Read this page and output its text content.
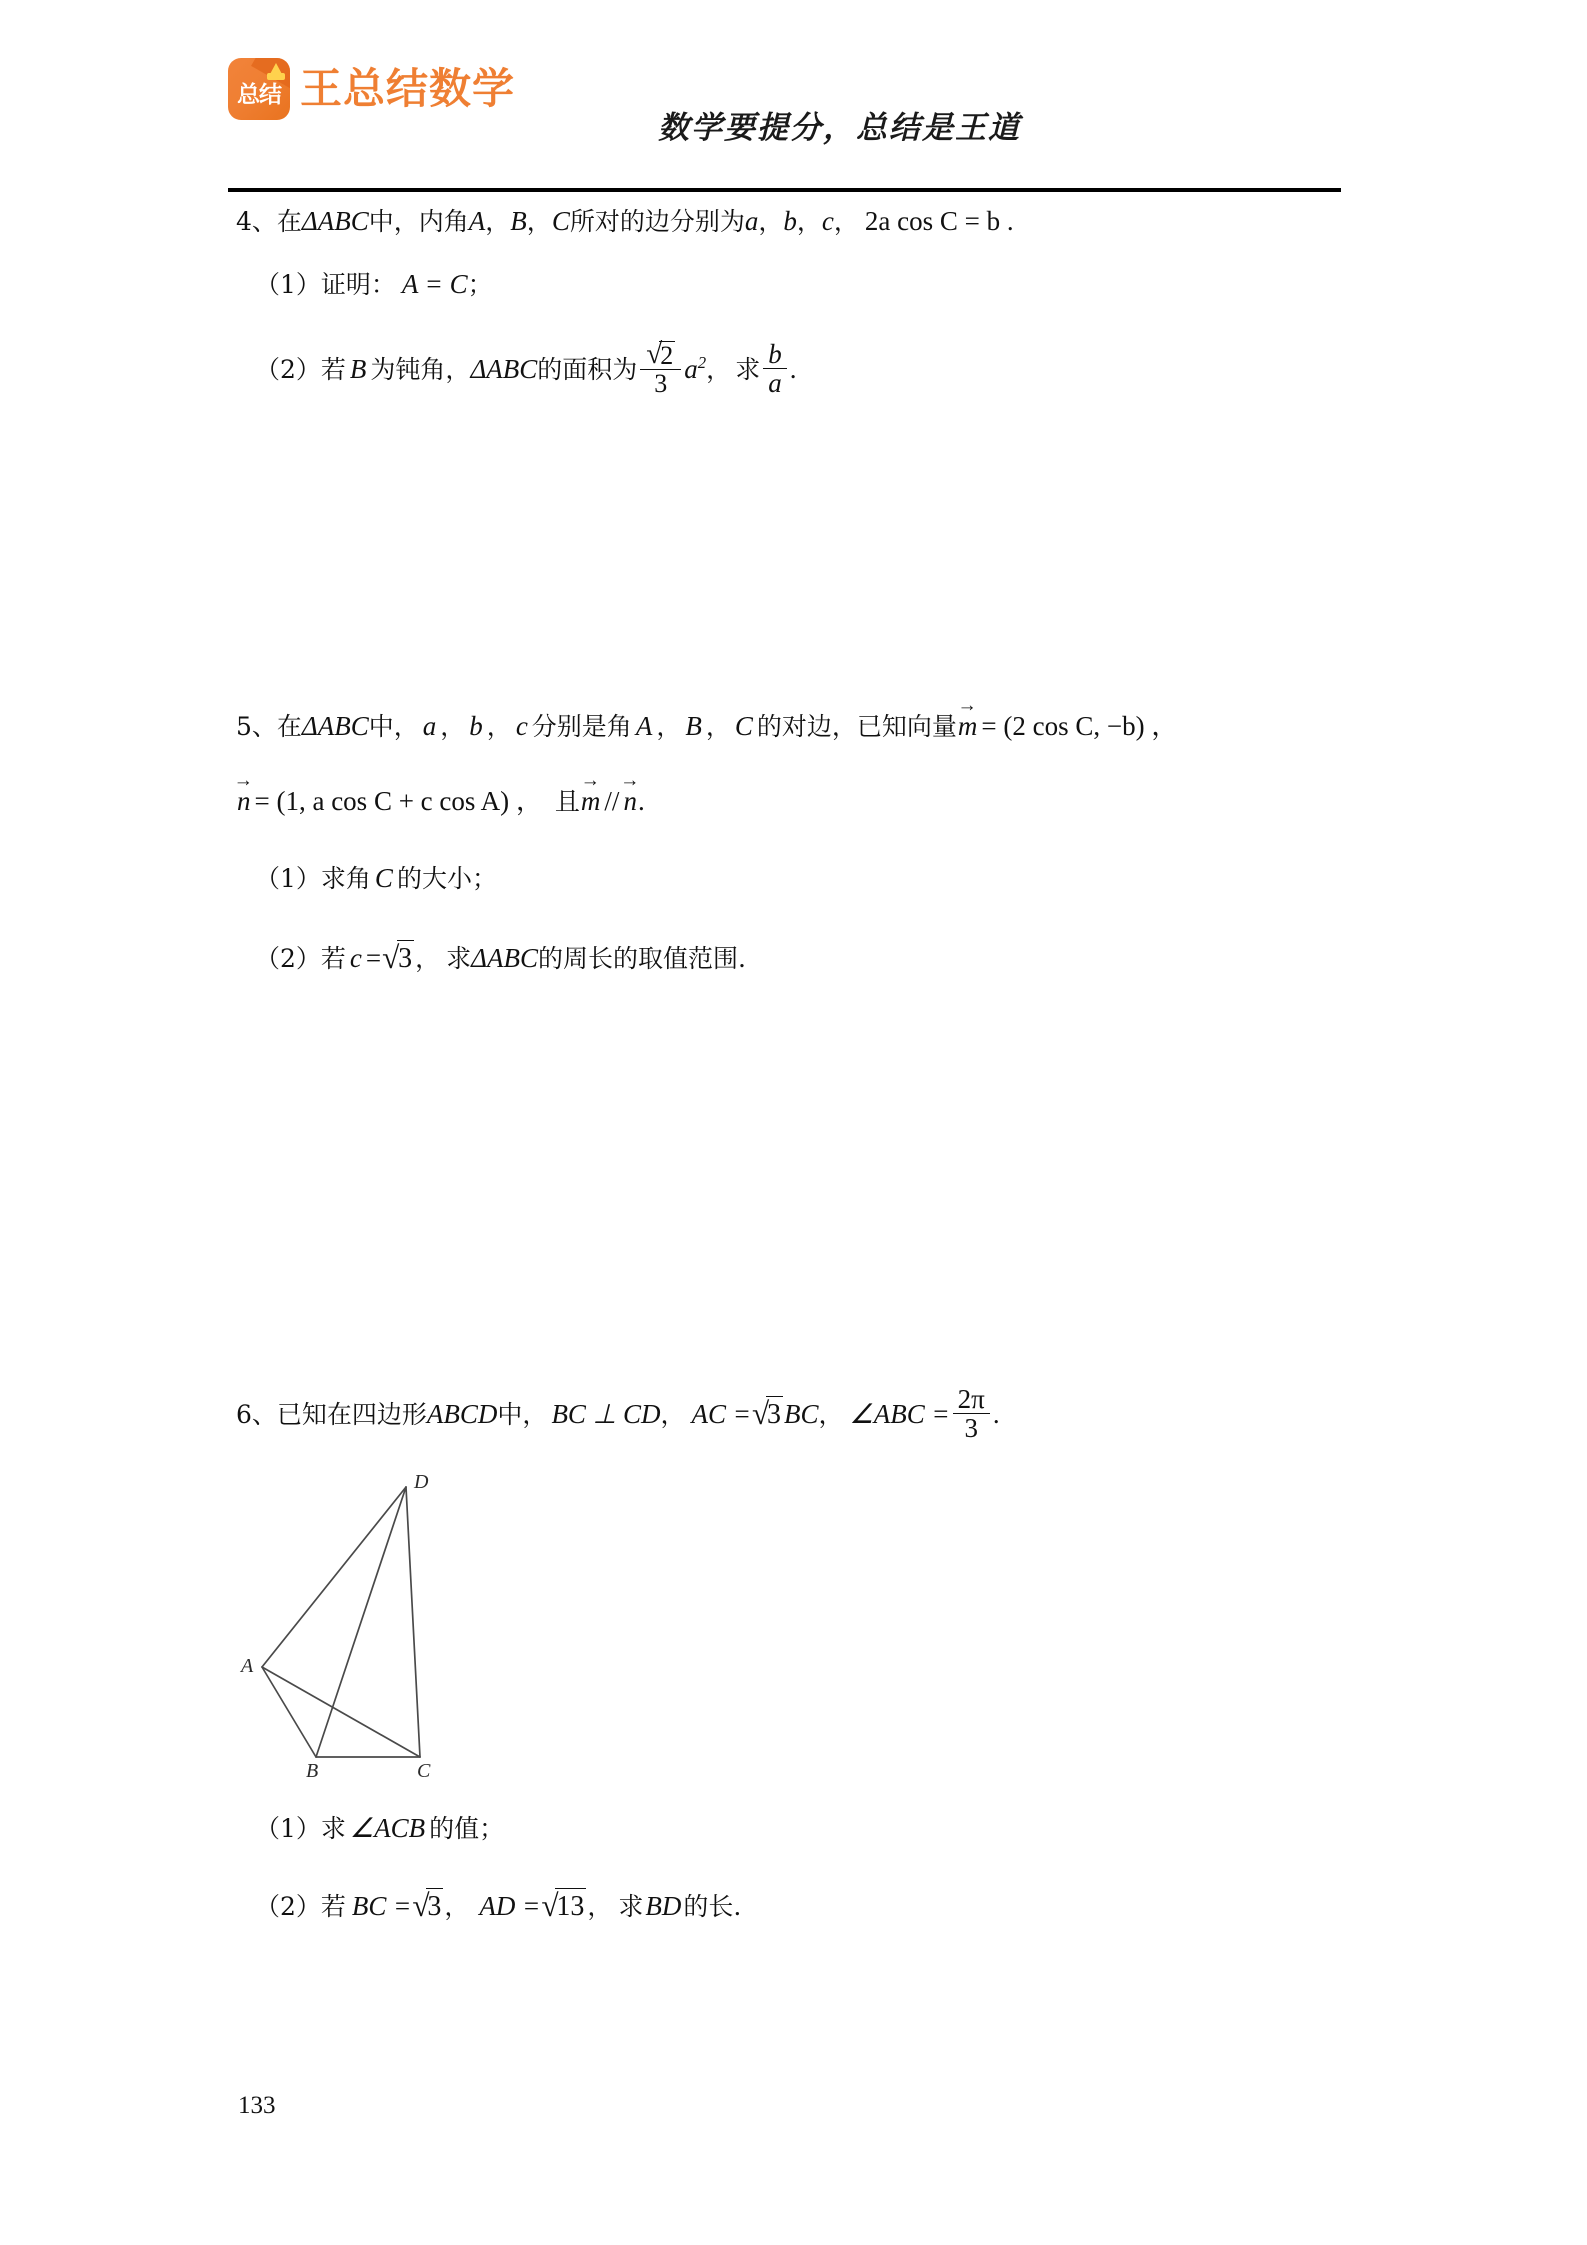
总结 王总结数学
数学要提分，总结是王道
4、在ΔABC中，内角A，B，C所对的边分别为a，b，c， 2a cos C = b .
（1）证明： A = C；
（2）若 B 为钝角，ΔABC的面积为 √ $\frac{2}{3} a^2$， 求 $\frac{b}{a}$ .
5、在ΔABC中， a ， b ， c 分别是角 A ， B ， C 的对边，已知向量m → = (2 cos C, −b) ，
n → = (1, a cos C + c cos A) ， 且m → // n →.
（1）求角 C 的大小；
（2）若 c = √ 3 ， 求ΔABC的周长的取值范围.
6、已知在四边形ABCD中， BC ⊥ CD， AC = √ 3 BC， ∠ABC = $\frac{2\pi}{3}$ .
A
B	C
D
（1）求 ∠ACB 的值；
（2）若 BC = √ 3 ， AD = √ 13 ， 求BD的长.
133
